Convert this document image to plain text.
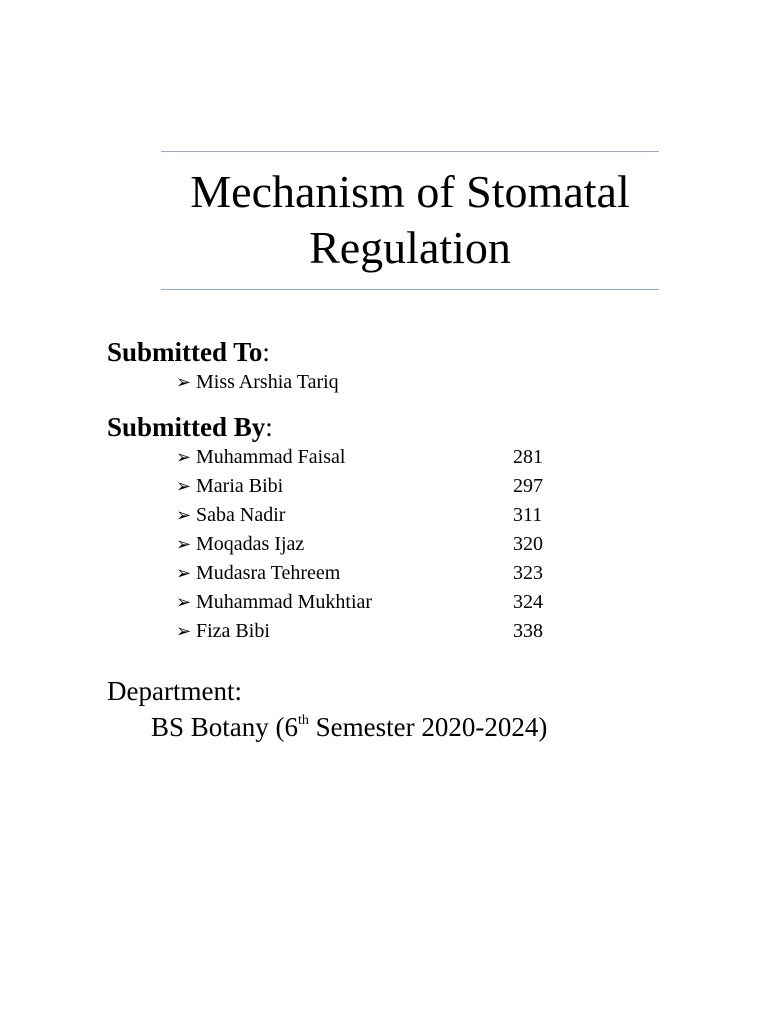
Mechanism of Stomatal
Regulation
Submitted To:
➢ Miss Arshia Tariq
Submitted By:
➢ Muhammad Faisal	281
➢ Maria Bibi	297
➢ Saba Nadir	311
➢ Moqadas Ijaz	320
➢ Mudasra Tehreem	323
➢ Muhammad Mukhtiar	324
➢ Fiza Bibi	338

Department:

BS Botany (6th Semester 2020-2024)
